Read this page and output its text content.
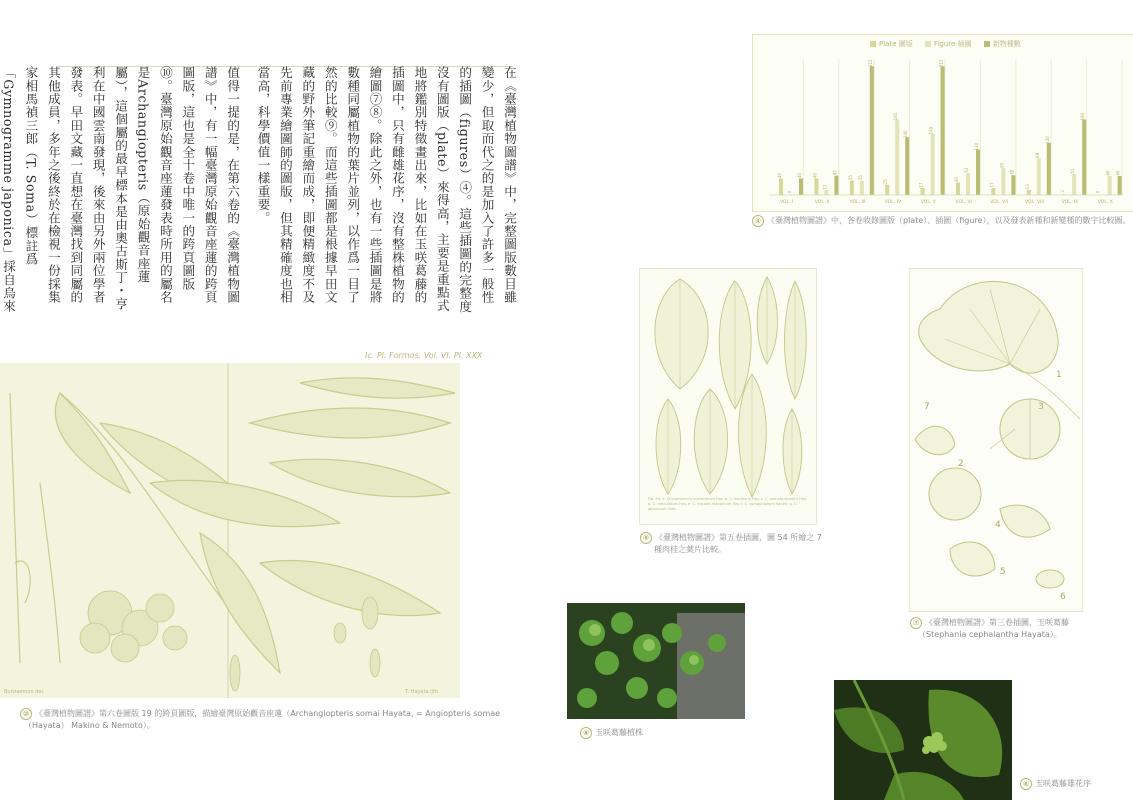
在《臺灣植物圖譜》中，完整圖版數目雖變少，但取而代之的是加入了許多一般性的插圖（figures）④。這些插圖的完整度沒有圖版（plate）來得高，主要是重點式地將鑑別特徵畫出來，比如在玉咲葛藤的插圖中，只有雌雄花序，沒有整株植物的繪圖⑦⑧。除此之外，也有一些插圖是將數種同屬植物的葉片並列，以作爲一目了然的比較⑨。而這些插圖都是根據早田文藏的野外筆記重繪而成，即便精緻度不及先前專業繪圖師的圖版，但其精確度也相當高，科學價值一樣重要。

值得一提的是，在第六卷的《臺灣植物圖譜》中，有一幅臺灣原始觀音座蓮的跨頁圖版，這也是全十卷中唯一的跨頁圖版⑩。臺灣原始觀音座蓮發表時所用的屬名是Archangiopteris（原始觀音座蓮屬），這個屬的最早標本是由奧古斯丁・亨利在中國雲南發現，後來由另外兩位學者發表。早田文藏一直想在臺灣找到同屬的其他成員，多年之後終於在檢視一份採集家相馬禎三郎（T. Soma）標註爲「Gymnogramme japonica」採自烏來

Ic. Pl. Formos. Vol. VI. Pl. XXX
Bunzaemon del.	T. Hayata lith.
⑩ 《臺灣植物圖譜》第六卷圖版 19 的跨頁圖版，描繪臺灣原始觀音座蓮（Archangiopteris somai Hayata, = Angiopteris somae
（Hayata） Makino & Nemoto）。
40
0
40
VOL. I
40
12
47
VOL. II
35 35
312
VOL. III
25
183
140
VOL. IV
17
149
312
VOL. V
30
53
110
VOL. VI
17
65
48
VOL. VII
13
89
126
VOL. VIII
2
51
183
VOL. IX
0
46 46
VOL. X
Plate 圖版	Figure 插圖	新物種數
④ 《臺灣植物圖譜》中，各卷收錄圖版（plate）、插圖（figure），以及發表新種和新變種的數字比較圖。
Fig. 54. a. Cinnamomum micranthum Hay. b. C. kanehirai Hay. c. C. pseudo-loureirii Hay. d. C. reticulatum Hay. e. C. insulari-montanum Hay. f. C. osmophloeum Kaneh. g. C. japonicum Sieb.
⑨ 《臺灣植物圖譜》第五卷插圖，圖 54 所繪之 7
種肉桂之葉片比較。
1
2
3
4
5
6
7
⑦ 《臺灣植物圖譜》第三卷插圖，玉咲葛藤
（Stephania cephalantha Hayata）。
⑧ 玉咲葛藤植株
⑥ 玉咲葛藤雄花序
